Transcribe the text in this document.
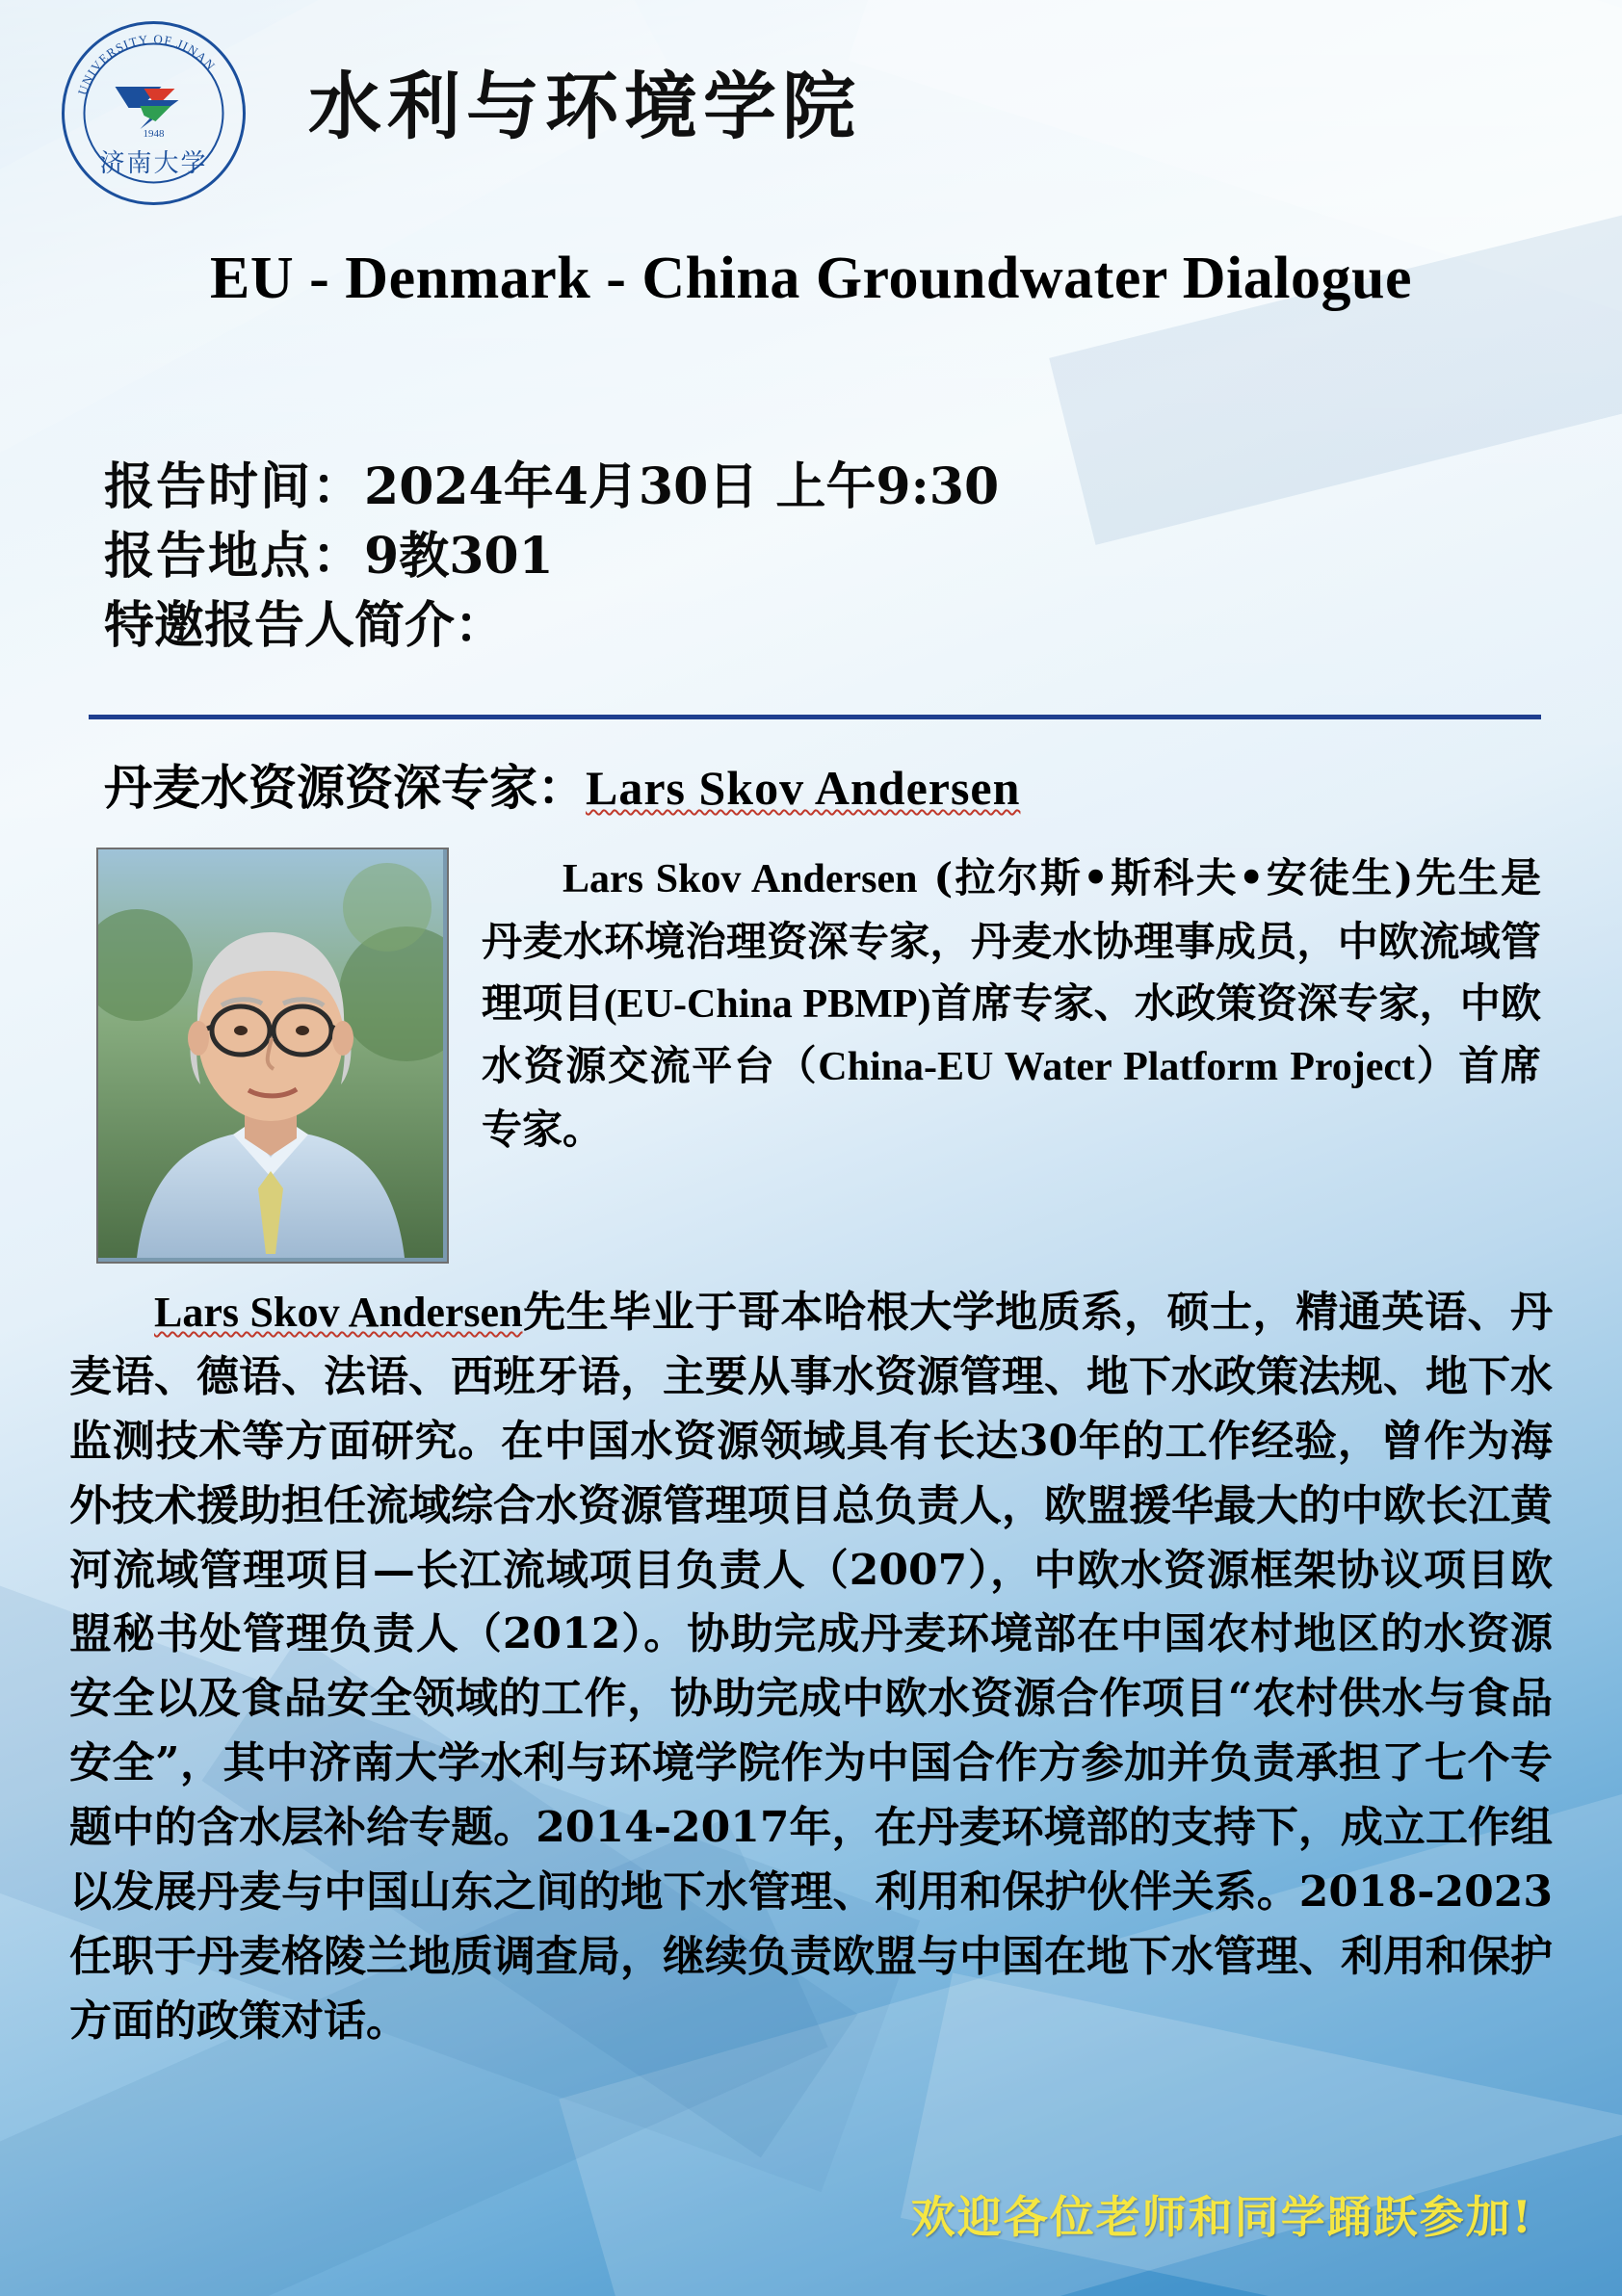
UNIVERSITY OF JINAN
1948
济南大学
水利与环境学院
EU - Denmark - China Groundwater Dialogue
报告时间：2024年4月30日 上午9:30
报告地点：9教301
特邀报告人简介：
丹麦水资源资深专家：Lars Skov Andersen
Lars Skov Andersen (拉尔斯•斯科夫•安徒生)先生是丹麦水环境治理资深专家，丹麦水协理事成员，中欧流域管理项目(EU-China PBMP)首席专家、水政策资深专家，中欧水资源交流平台（China-EU Water Platform Project）首席专家。
Lars Skov Andersen先生毕业于哥本哈根大学地质系，硕士，精通英语、丹麦语、德语、法语、西班牙语，主要从事水资源管理、地下水政策法规、地下水监测技术等方面研究。在中国水资源领域具有长达30年的工作经验，曾作为海外技术援助担任流域综合水资源管理项目总负责人，欧盟援华最大的中欧长江黄河流域管理项目—长江流域项目负责人（2007），中欧水资源框架协议项目欧盟秘书处管理负责人（2012）。协助完成丹麦环境部在中国农村地区的水资源安全以及食品安全领域的工作，协助完成中欧水资源合作项目“农村供水与食品安全”，其中济南大学水利与环境学院作为中国合作方参加并负责承担了七个专题中的含水层补给专题。2014-2017年，在丹麦环境部的支持下，成立工作组以发展丹麦与中国山东之间的地下水管理、利用和保护伙伴关系。2018-2023 任职于丹麦格陵兰地质调查局，继续负责欧盟与中国在地下水管理、利用和保护方面的政策对话。
欢迎各位老师和同学踊跃参加!
